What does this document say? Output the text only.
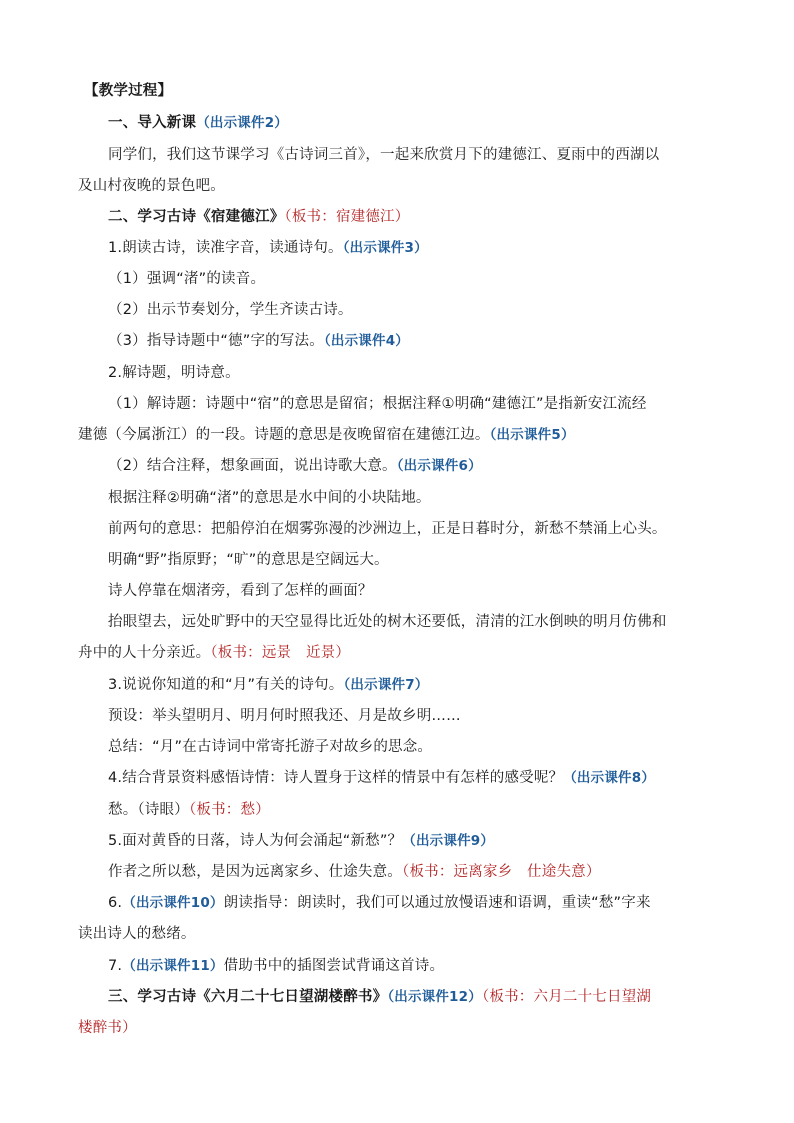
【教学过程】
一、导入新课（出示课件2）
同学们，我们这节课学习《古诗词三首》，一起来欣赏月下的建德江、夏雨中的西湖以
及山村夜晚的景色吧。
二、学习古诗《宿建德江》（板书：宿建德江）
1.朗读古诗，读准字音，读通诗句。（出示课件3）
（1）强调“渚”的读音。
（2）出示节奏划分，学生齐读古诗。
（3）指导诗题中“德”字的写法。（出示课件4）
2.解诗题，明诗意。
（1）解诗题：诗题中“宿”的意思是留宿；根据注释①明确“建德江”是指新安江流经
建德（今属浙江）的一段。诗题的意思是夜晚留宿在建德江边。（出示课件5）
（2）结合注释，想象画面，说出诗歌大意。（出示课件6）
根据注释②明确“渚”的意思是水中间的小块陆地。
前两句的意思：把船停泊在烟雾弥漫的沙洲边上，正是日暮时分，新愁不禁涌上心头。
明确“野”指原野；“旷”的意思是空阔远大。
诗人停靠在烟渚旁，看到了怎样的画面？
抬眼望去，远处旷野中的天空显得比近处的树木还要低，清清的江水倒映的明月仿佛和
舟中的人十分亲近。（板书：远景　近景）
3.说说你知道的和“月”有关的诗句。（出示课件7）
预设：举头望明月、明月何时照我还、月是故乡明……
总结：“月”在古诗词中常寄托游子对故乡的思念。
4.结合背景资料感悟诗情：诗人置身于这样的情景中有怎样的感受呢？（出示课件8）
愁。（诗眼）（板书：愁）
5.面对黄昏的日落，诗人为何会涌起“新愁”？（出示课件9）
作者之所以愁，是因为远离家乡、仕途失意。（板书：远离家乡　仕途失意）
6.（出示课件10）朗读指导：朗读时，我们可以通过放慢语速和语调，重读“愁”字来
读出诗人的愁绪。
7.（出示课件11）借助书中的插图尝试背诵这首诗。
三、学习古诗《六月二十七日望湖楼醉书》（出示课件12）（板书：六月二十七日望湖
楼醉书）
